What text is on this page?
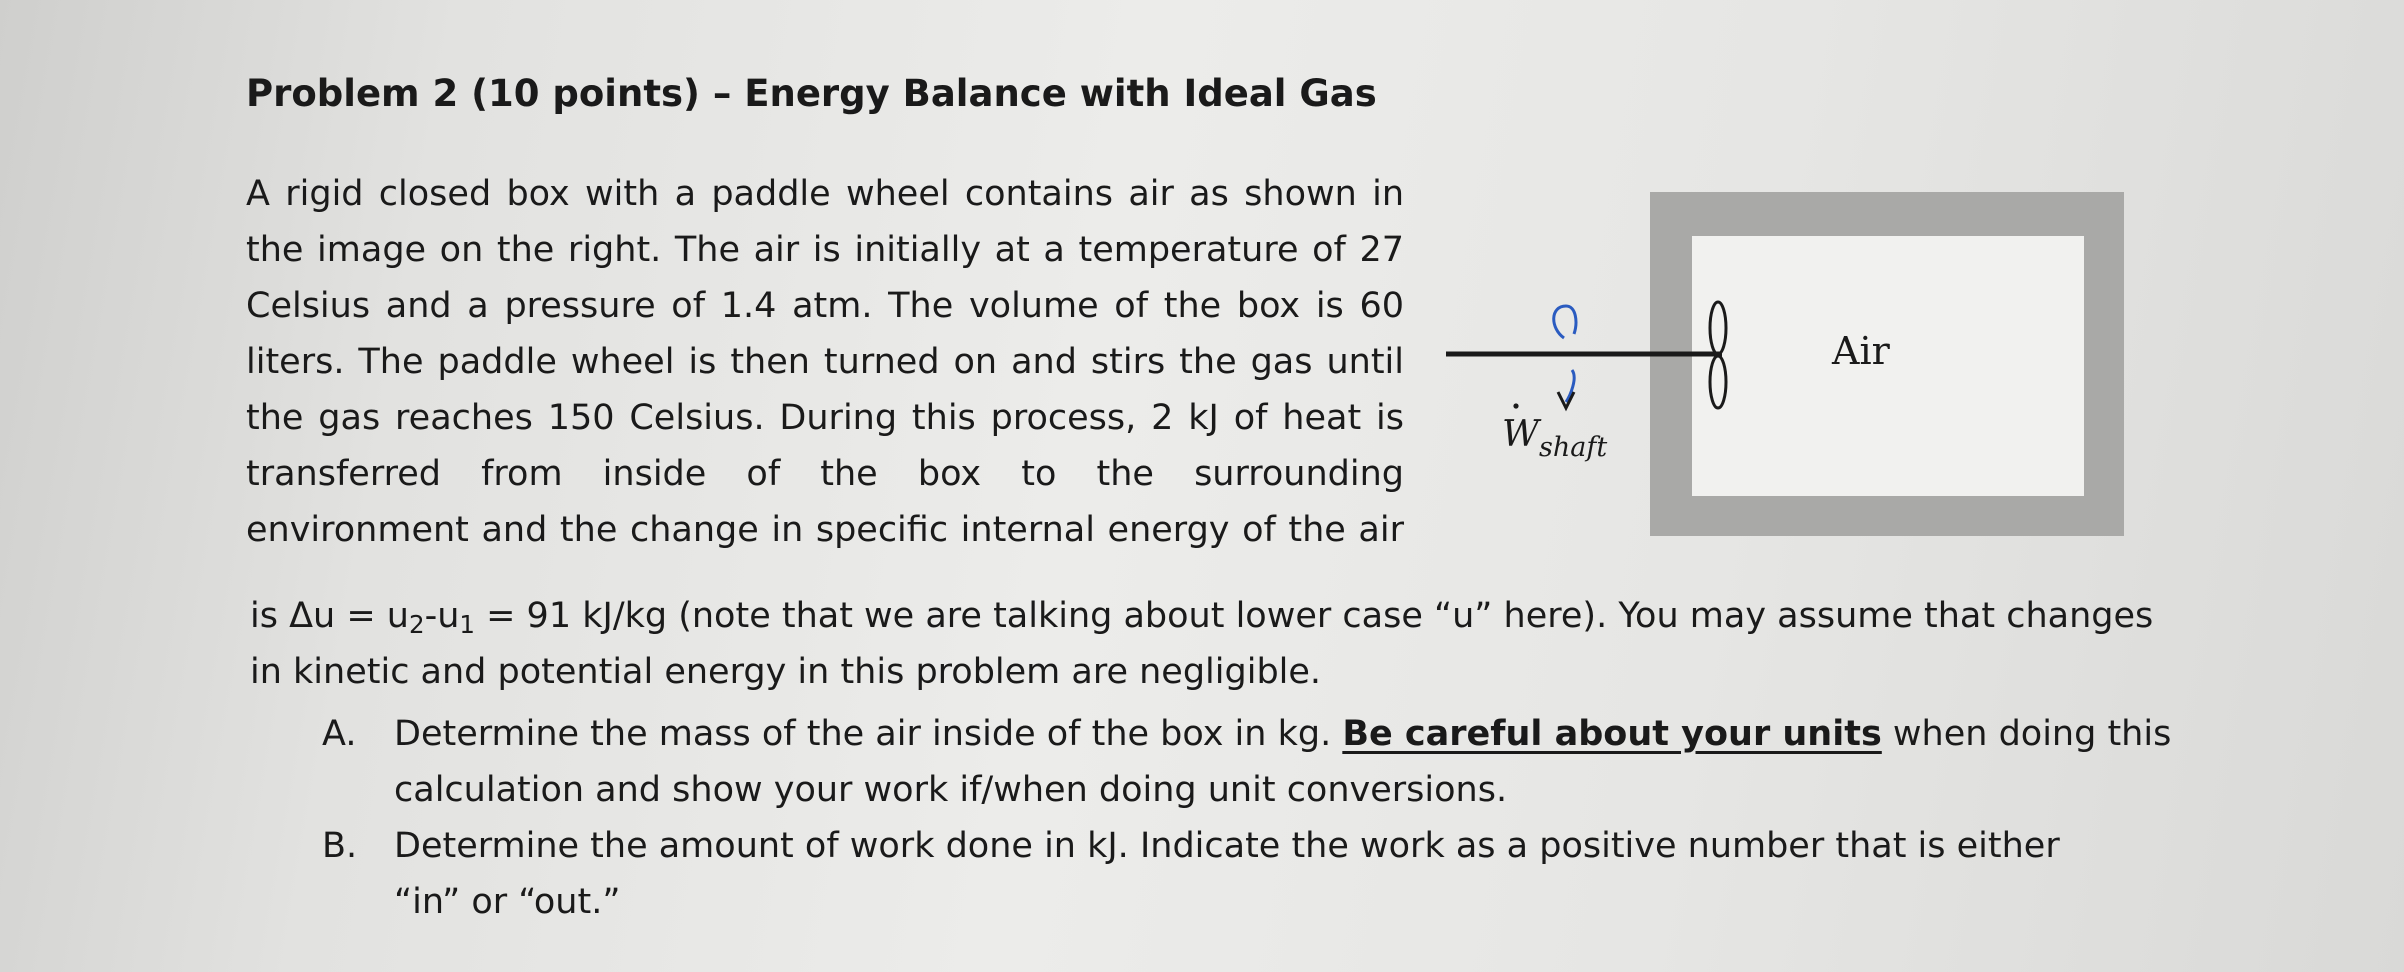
Problem 2 (10 points) – Energy Balance with Ideal Gas
A rigid closed box with a paddle wheel contains air as shown in
the image on the right. The air is initially at a temperature of 27
Celsius and a pressure of 1.4 atm. The volume of the box is 60
liters. The paddle wheel is then turned on and stirs the gas until
the gas reaches 150 Celsius. During this process, 2 kJ of heat is
transferred from inside of the box to the surrounding
environment and the change in specific internal energy of the air
is $\Delta u = u_2-u_1 = 91$ kJ/kg (note that we are talking about lower case “u” here). You may assume that changes
in kinetic and potential energy in this problem are negligible.
Air
$W_{shaft}$
A. Determine the mass of the air inside of the box in kg. Be careful about your units when doing this
calculation and show your work if/when doing unit conversions.
B. Determine the amount of work done in kJ. Indicate the work as a positive number that is either
“in” or “out.”
